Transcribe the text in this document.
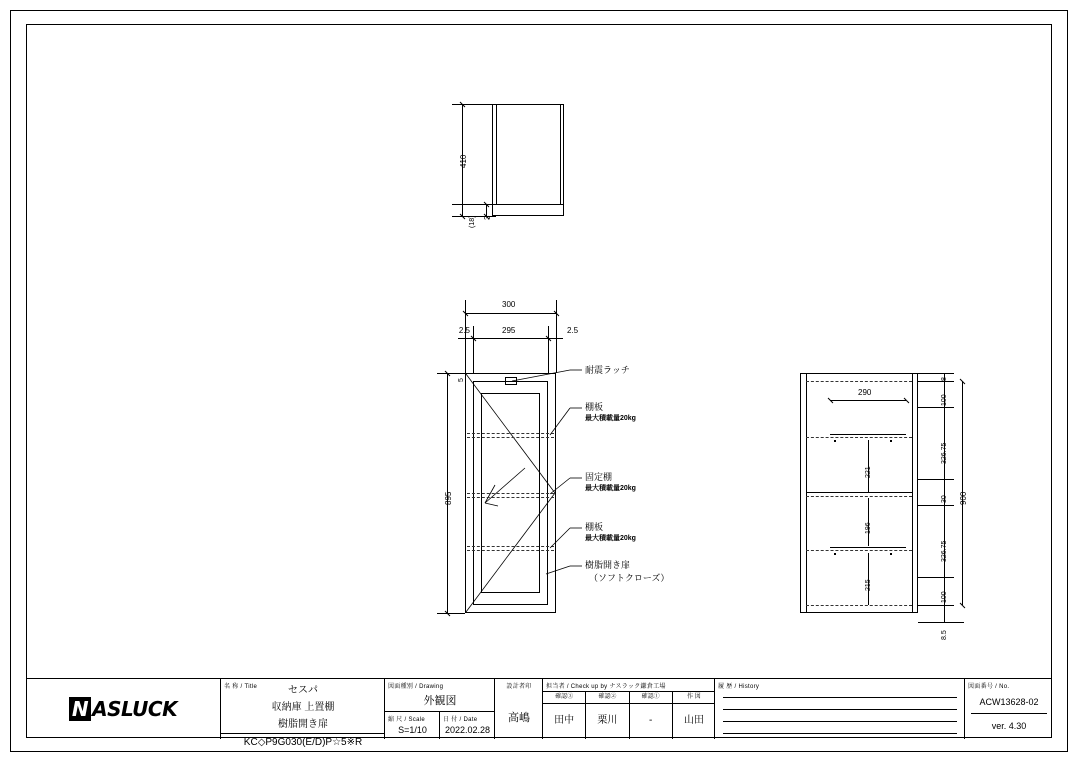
410
3
(18)
300
295
2.5	2.5
895
5
耐震ラッチ
棚板
最大積載量20kg
固定棚
最大積載量20kg
棚板
最大積載量20kg
樹脂開き扉
（ソフトクローズ）
290
221
196
215
8
100
326.75
30
326.75
100
8.5
900
N ASLUCK
名 称 / Title	セスパ
収納庫 上置棚
樹脂開き扉
KC◇P9G030(E/D)P☆5※R
図面種別 / Drawing
外観図
縮 尺 / Scale
S=1/10
日 付 / Date
2022.02.28
設計者印
高嶋
担当者 / Check up by ナスラック鎌倉工場
確認③	確認②	確認①	作 図
田中	栗川	-	山田
履 歴 / History	図面番号 / No.
ACW13628-02
ver. 4.30
